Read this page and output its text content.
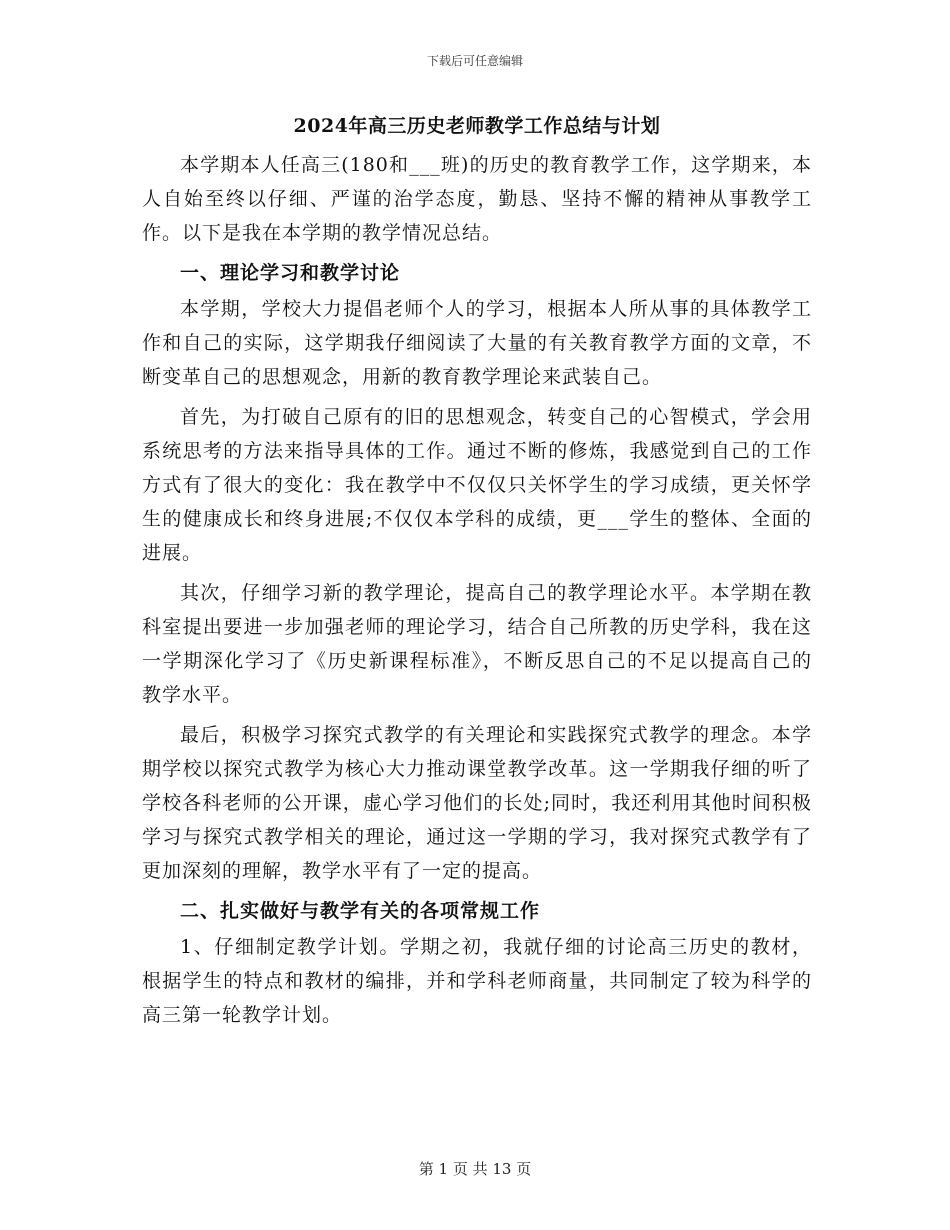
下载后可任意编辑
2024年高三历史老师教学工作总结与计划

本学期本人任高三(180和___班)的历史的教育教学工作，这学期来，本人自始至终以仔细、严谨的治学态度，勤恳、坚持不懈的精神从事教学工作。以下是我在本学期的教学情况总结。

一、理论学习和教学讨论

本学期，学校大力提倡老师个人的学习，根据本人所从事的具体教学工作和自己的实际，这学期我仔细阅读了大量的有关教育教学方面的文章，不断变革自己的思想观念，用新的教育教学理论来武装自己。

首先，为打破自己原有的旧的思想观念，转变自己的心智模式，学会用系统思考的方法来指导具体的工作。通过不断的修炼，我感觉到自己的工作方式有了很大的变化：我在教学中不仅仅只关怀学生的学习成绩，更关怀学生的健康成长和终身进展;不仅仅本学科的成绩，更___学生的整体、全面的进展。

其次，仔细学习新的教学理论，提高自己的教学理论水平。本学期在教科室提出要进一步加强老师的理论学习，结合自己所教的历史学科，我在这一学期深化学习了《历史新课程标准》，不断反思自己的不足以提高自己的教学水平。

最后，积极学习探究式教学的有关理论和实践探究式教学的理念。本学期学校以探究式教学为核心大力推动课堂教学改革。这一学期我仔细的听了学校各科老师的公开课，虚心学习他们的长处;同时，我还利用其他时间积极学习与探究式教学相关的理论，通过这一学期的学习，我对探究式教学有了更加深刻的理解，教学水平有了一定的提高。

二、扎实做好与教学有关的各项常规工作

1、仔细制定教学计划。学期之初，我就仔细的讨论高三历史的教材，根据学生的特点和教材的编排，并和学科老师商量，共同制定了较为科学的高三第一轮教学计划。

第 1 页 共 13 页
